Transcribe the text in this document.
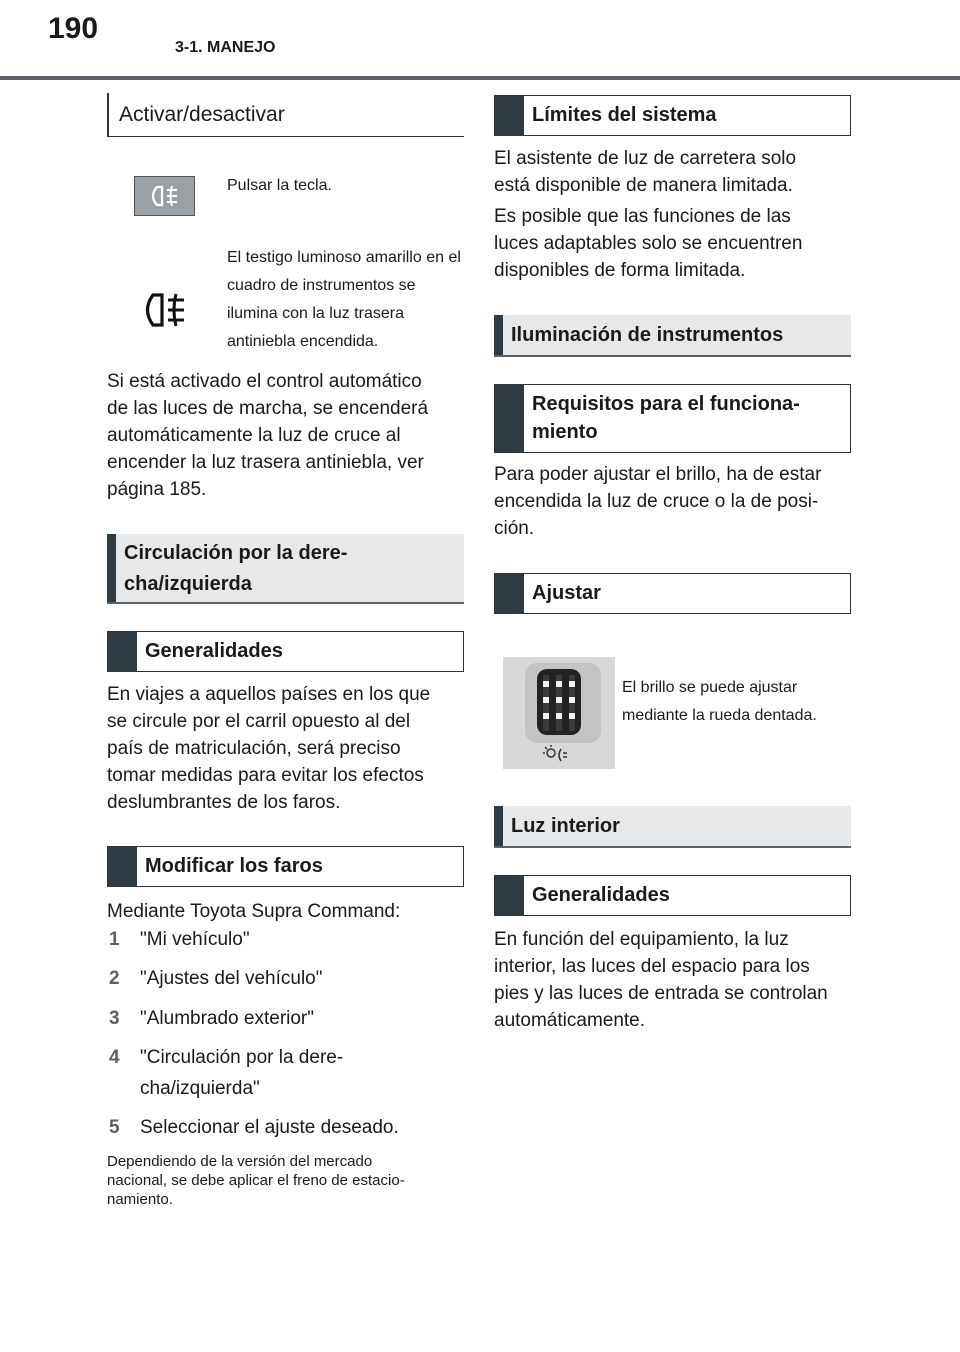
190
3-1. MANEJO
Activar/desactivar
Pulsar la tecla.
El testigo luminoso amarillo en el cuadro de instrumentos se ilumina con la luz trasera antiniebla encendida.

Si está activado el control automático

de las luces de marcha, se encenderá

automáticamente la luz de cruce al

encender la luz trasera antiniebla, ver

página 185.

Circulación por la dere-
cha/izquierda
Generalidades

En viajes a aquellos países en los que

se circule por el carril opuesto al del

país de matriculación, será preciso

tomar medidas para evitar los efectos

deslumbrantes de los faros.

Modificar los faros
Mediante Toyota Supra Command:
1 "Mi vehículo"
2 "Ajustes del vehículo"
3 "Alumbrado exterior"
4 "Circulación por la dere-
cha/izquierda"
5 Seleccionar el ajuste deseado.
Dependiendo de la versión del mercado
nacional, se debe aplicar el freno de estacio-
namiento.
Límites del sistema

El asistente de luz de carretera solo

está disponible de manera limitada.

Es posible que las funciones de las

luces adaptables solo se encuentren

disponibles de forma limitada.

Iluminación de instrumentos
Requisitos para el funciona-
miento

Para poder ajustar el brillo, ha de estar

encendida la luz de cruce o la de posi-

ción.

Ajustar
El brillo se puede ajustar
mediante la rueda dentada.
Luz interior
Generalidades

En función del equipamiento, la luz

interior, las luces del espacio para los

pies y las luces de entrada se controlan

automáticamente.
